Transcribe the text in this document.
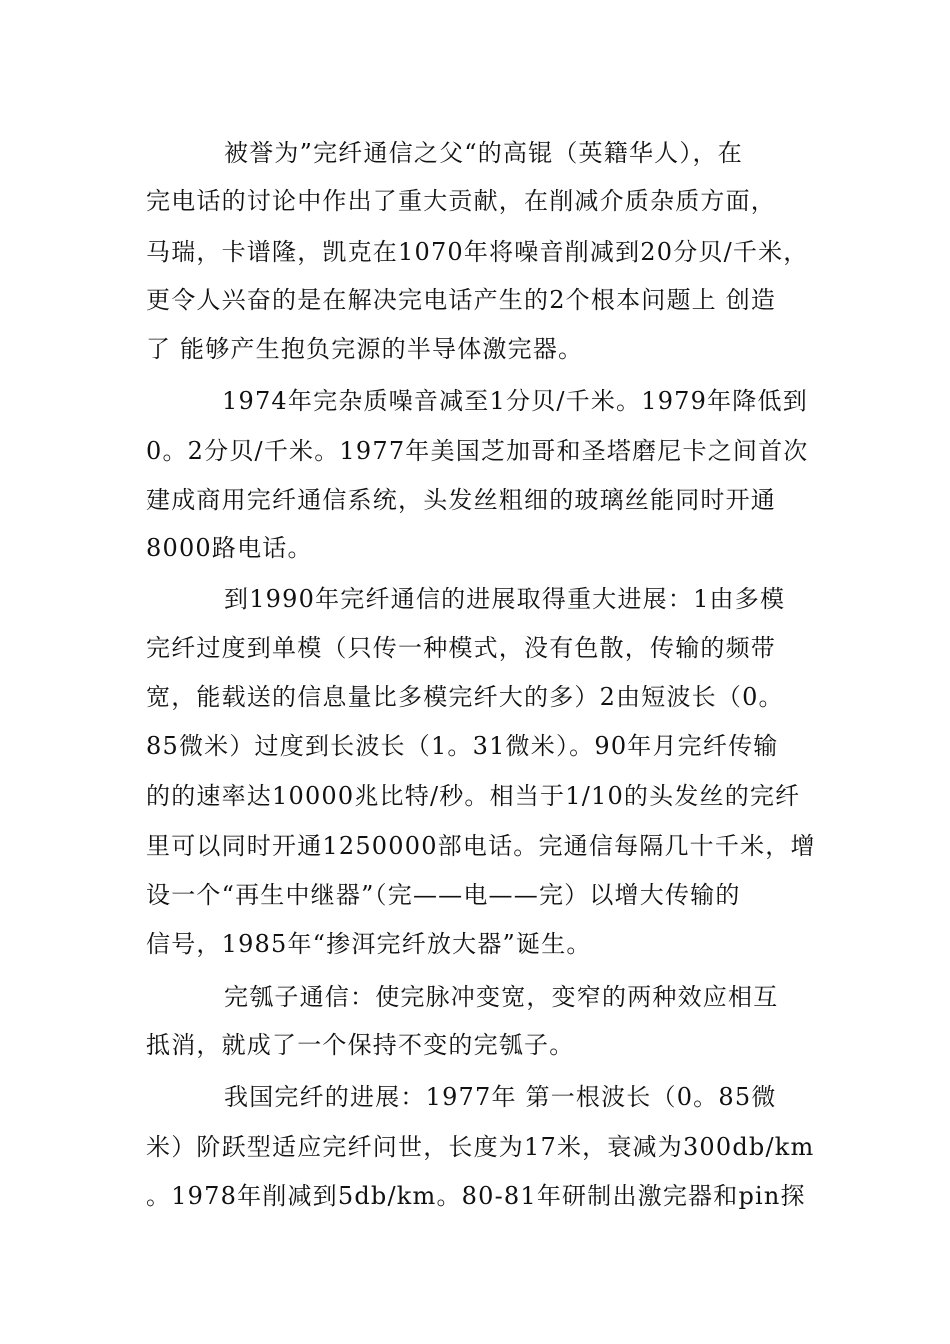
被誉为”完纤通信之父“的高锟（英籍华人），在
完电话的讨论中作出了重大贡献，在削减介质杂质方面，
马瑞，卡谱隆，凯克在1070年将噪音削减到20分贝/千米，
更令人兴奋的是在解决完电话产生的2个根本问题上 创造
了 能够产生抱负完源的半导体激完器。
1974年完杂质噪音减至1分贝/千米。1979年降低到
0。2分贝/千米。1977年美国芝加哥和圣塔磨尼卡之间首次
建成商用完纤通信系统，头发丝粗细的玻璃丝能同时开通
8000路电话。
到1990年完纤通信的进展取得重大进展：1由多模
完纤过度到单模（只传一种模式，没有色散，传输的频带
宽，能载送的信息量比多模完纤大的多）2由短波长（0。
85微米）过度到长波长（1。31微米）。90年月完纤传输
的的速率达10000兆比特/秒。相当于1/10的头发丝的完纤
里可以同时开通1250000部电话。完通信每隔几十千米，增
设一个“再生中继器”（完——电——完）以增大传输的
信号，1985年“掺洱完纤放大器”诞生。
完瓠子通信：使完脉冲变宽，变窄的两种效应相互
抵消，就成了一个保持不变的完瓠子。
我国完纤的进展：1977年 第一根波长（0。85微
米）阶跃型适应完纤问世，长度为17米，衰减为300db/km
。1978年削减到5db/km。80-81年研制出激完器和pin探
